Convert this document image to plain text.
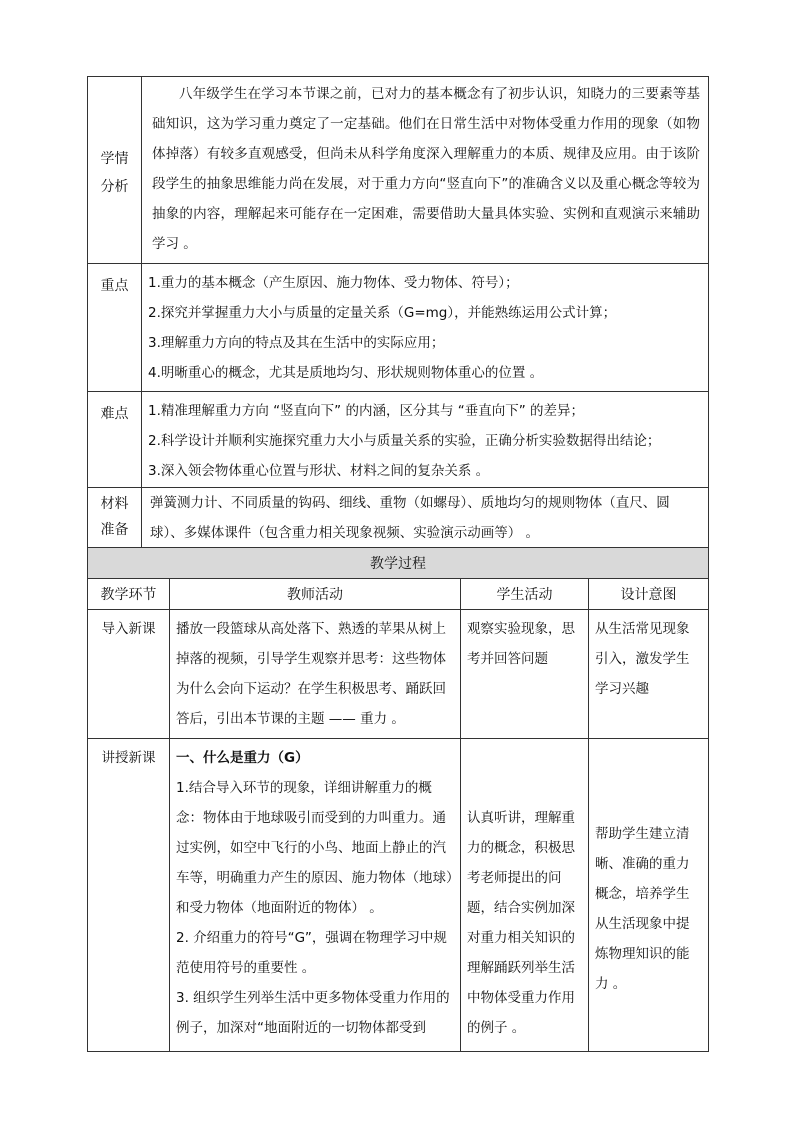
学情
分析	八年级学生在学习本节课之前，已对力的基本概念有了初步认识，知晓力的三要素等基础知识，这为学习重力奠定了一定基础。他们在日常生活中对物体受重力作用的现象（如物体掉落）有较多直观感受，但尚未从科学角度深入理解重力的本质、规律及应用。由于该阶段学生的抽象思维能力尚在发展，对于重力方向“竖直向下”的准确含义以及重心概念等较为抽象的内容，理解起来可能存在一定困难，需要借助大量具体实验、实例和直观演示来辅助学习 。

重点	1.重力的基本概念（产生原因、施力物体、受力物体、符号）；

2.探究并掌握重力大小与质量的定量关系（G=mg），并能熟练运用公式计算；

3.理解重力方向的特点及其在生活中的实际应用；

4.明晰重心的概念，尤其是质地均匀、形状规则物体重心的位置 。

难点	1.精准理解重力方向 “竖直向下” 的内涵，区分其与 “垂直向下” 的差异；

2.科学设计并顺利实施探究重力大小与质量关系的实验，正确分析实验数据得出结论；

3.深入领会物体重心位置与形状、材料之间的复杂关系 。

材料
准备	弹簧测力计、不同质量的钩码、细线、重物（如螺母）、质地均匀的规则物体（直尺、圆球）、多媒体课件（包含重力相关现象视频、实验演示动画等） 。
教学过程			
教学环节	教师活动	学生活动	设计意图

导入新课	播放一段篮球从高处落下、熟透的苹果从树上掉落的视频，引导学生观察并思考：这些物体为什么会向下运动？在学生积极思考、踊跃回答后，引出本节课的主题 —— 重力 。	观察实验现象，思考并回答问题	从生活常见现象引入，激发学生学习兴趣

讲授新课	一、什么是重力（G）

1.结合导入环节的现象，详细讲解重力的概念：物体由于地球吸引而受到的力叫重力。通过实例，如空中飞行的小鸟、地面上静止的汽车等，明确重力产生的原因、施力物体（地球）和受力物体（地面附近的物体） 。

2. 介绍重力的符号“G”，强调在物理学习中规范使用符号的重要性 。

3. 组织学生列举生活中更多物体受重力作用的例子，加深对“地面附近的一切物体都受到	认真听讲，理解重力的概念，积极思考老师提出的问题，结合实例加深对重力相关知识的理解踊跃列举生活中物体受重力作用的例子 。	帮助学生建立清晰、准确的重力概念，培养学生从生活现象中提炼物理知识的能力 。
